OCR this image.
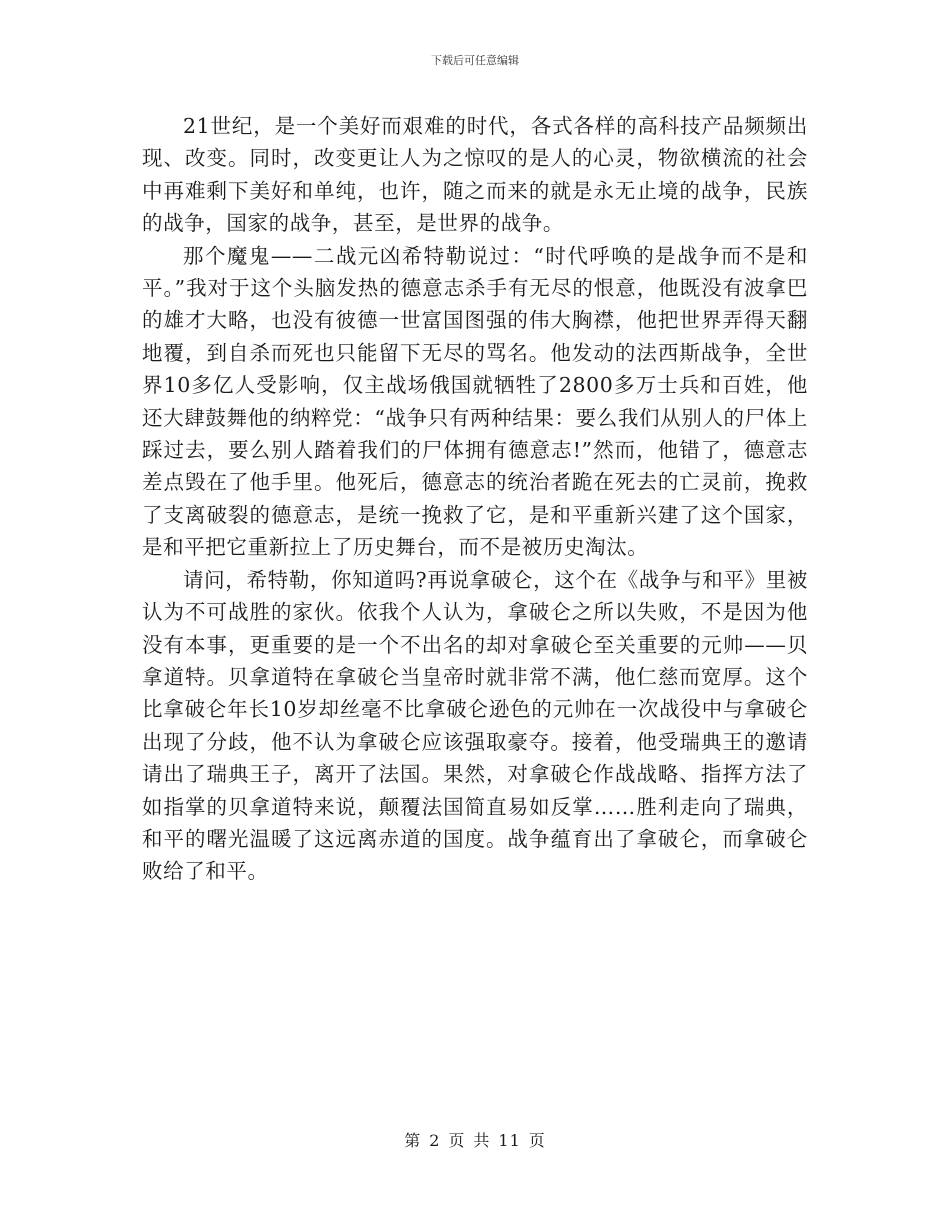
下载后可任意编辑

21世纪，是一个美好而艰难的时代，各式各样的高科技产品频频出现、改变。同时，改变更让人为之惊叹的是人的心灵，物欲横流的社会中再难剩下美好和单纯，也许，随之而来的就是永无止境的战争，民族的战争，国家的战争，甚至，是世界的战争。

那个魔鬼——二战元凶希特勒说过：“时代呼唤的是战争而不是和平。”我对于这个头脑发热的德意志杀手有无尽的恨意，他既没有波拿巴的雄才大略，也没有彼德一世富国图强的伟大胸襟，他把世界弄得天翻地覆，到自杀而死也只能留下无尽的骂名。他发动的法西斯战争，全世界10多亿人受影响，仅主战场俄国就牺牲了2800多万士兵和百姓，他还大肆鼓舞他的纳粹党：“战争只有两种结果：要么我们从别人的尸体上踩过去，要么别人踏着我们的尸体拥有德意志!”然而，他错了，德意志差点毁在了他手里。他死后，德意志的统治者跪在死去的亡灵前，挽救了支离破裂的德意志，是统一挽救了它，是和平重新兴建了这个国家，是和平把它重新拉上了历史舞台，而不是被历史淘汰。

请问，希特勒，你知道吗?再说拿破仑，这个在《战争与和平》里被认为不可战胜的家伙。依我个人认为，拿破仑之所以失败，不是因为他没有本事，更重要的是一个不出名的却对拿破仑至关重要的元帅——贝拿道特。贝拿道特在拿破仑当皇帝时就非常不满，他仁慈而宽厚。这个比拿破仑年长10岁却丝毫不比拿破仑逊色的元帅在一次战役中与拿破仑出现了分歧，他不认为拿破仑应该强取豪夺。接着，他受瑞典王的邀请请出了瑞典王子，离开了法国。果然，对拿破仑作战战略、指挥方法了如指掌的贝拿道特来说，颠覆法国简直易如反掌……胜利走向了瑞典，和平的曙光温暖了这远离赤道的国度。战争蕴育出了拿破仑，而拿破仑败给了和平。

第 2 页 共 11 页
